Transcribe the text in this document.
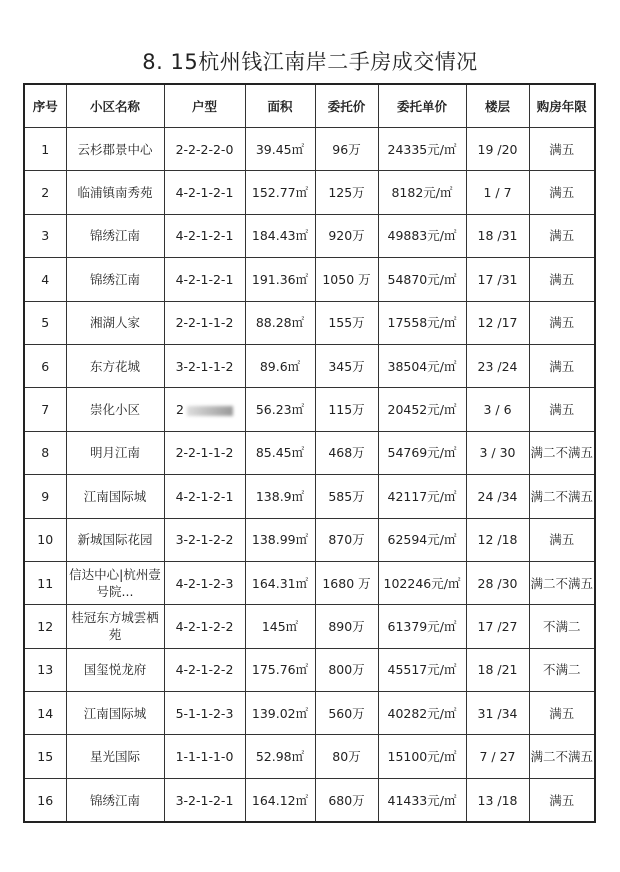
8. 15杭州钱江南岸二手房成交情况
序号	小区名称	户型	面积	委托价	委托单价	楼层	购房年限
1	云杉郡景中心	2-2-2-2-0	39.45㎡	96万	24335元/㎡	19 /20	满五
2	临浦镇南秀苑	4-2-1-2-1	152.77㎡	125万	8182元/㎡	1 / 7	满五
3	锦绣江南	4-2-1-2-1	184.43㎡	920万	49883元/㎡	18 /31	满五
4	锦绣江南	4-2-1-2-1	191.36㎡	1050 万	54870元/㎡	17 /31	满五
5	湘湖人家	2-2-1-1-2	88.28㎡	155万	17558元/㎡	12 /17	满五
6	东方花城	3-2-1-1-2	89.6㎡	345万	38504元/㎡	23 /24	满五
7	崇化小区	2	56.23㎡	115万	20452元/㎡	3 / 6	满五
8	明月江南	2-2-1-1-2	85.45㎡	468万	54769元/㎡	3 / 30	满二不满五
9	江南国际城	4-2-1-2-1	138.9㎡	585万	42117元/㎡	24 /34	满二不满五
10	新城国际花园	3-2-1-2-2	138.99㎡	870万	62594元/㎡	12 /18	满五
11	信达中心|杭州壹号院...	4-2-1-2-3	164.31㎡	1680 万	102246元/㎡	28 /30	满二不满五
12	桂冠东方城雲栖苑	4-2-1-2-2	145㎡	890万	61379元/㎡	17 /27	不满二
13	国玺悦龙府	4-2-1-2-2	175.76㎡	800万	45517元/㎡	18 /21	不满二
14	江南国际城	5-1-1-2-3	139.02㎡	560万	40282元/㎡	31 /34	满五
15	星光国际	1-1-1-1-0	52.98㎡	80万	15100元/㎡	7 / 27	满二不满五
16	锦绣江南	3-2-1-2-1	164.12㎡	680万	41433元/㎡	13 /18	满五
